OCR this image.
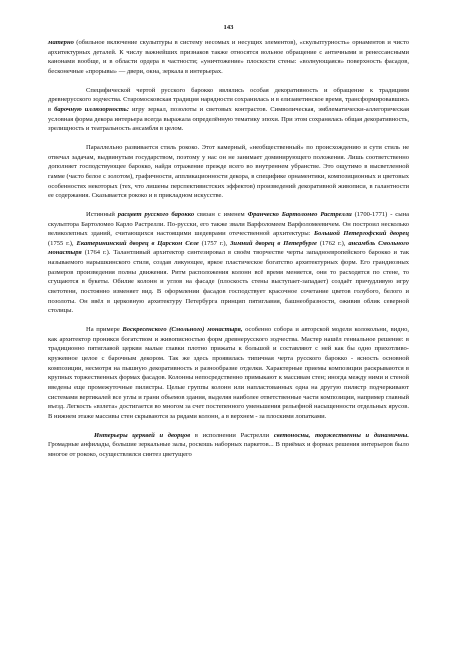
143

матерно (обильное включение скульптуры в систему несомых и несущих элементов), «скульптурность» орнаментов и чисто архитектурных деталей. К числу важнейших признаков также относятся вольное обращение с античными и ренессансными канонами вообще, и в области ордера в частности; «уничтожение» плоскости стены: «волнующаяся» поверхность фасадов, бесконечные «прорывы» — двери, окна, зеркала в интерьерах.

Специфической чертой русского барокко являлись особая декоративность и обращение к традициям древнерусского зодчества. Старомосковская традиция нарядности сохранилась и в елизаветинское время, трансформировавшись в барочную иллюзорность: игру зеркал, позолоты и световых контрастов. Символическая, эмблематически-аллегорическая условная форма декора интерьера всегда выражала определённую тематику эпохи. При этом сохранялась общая декоративность, зрелищность и театральность ансамбля в целом.

Параллельно развивается стиль рококо. Этот камерный, «необщественный» по происхождению и сути стиль не отвечал задачам, выдвинутым государством, поэтому у нас он не занимает доминирующего положения. Лишь соответственно дополняет господствующее барокко, найдя отражение прежде всего во внутреннем убранстве. Это ощутимо в высветленной гамме (часто белое с золотом), графичности, аппликационности декора, в специфике орнаментики, композиционных и цветовых особенностях некоторых (тех, что лишены перспективистских эффектов) произведений декоративной живописи, в галантности ее содержания. Сказывается рококо и в прикладном искусстве.

Истинный расцвет русского барокко связан с именем Франческо Бартоломео Растрелли (1700-1771) - сына скульптора Бартоломео Карло Растрелли. По-русски, его также звали Варфоломеем Варфоломеевичем. Он построил несколько великолепных зданий, считающихся настоящими шедеврами отечественной архитектуры: Большой Петергофский дворец (1755 г.), Екатерининский дворец в Царском Селе (1757 г.), Зимний дворец в Петербурге (1762 г.), ансамбль Смольного монастыря (1764 г.). Талантливый архитектор синтезировал в своём творчестве черты западноевропейского барокко и так называемого нарышкинского стиля, создав ликующее, яркое пластическое богатство архитектурных форм. Его грандиозных размеров произведения полны движения. Ритм расположения колонн всё время меняется, они то расходятся по стене, то сгущаются в букеты. Обилие колонн и углов на фасаде (плоскость стены выступает-западает) создаёт причудливую игру светотени, постоянно изменяет вид. В оформлении фасадов господствует красочное сочетание цветов голубого, белого и позолоты. Он ввёл в церковную архитектуру Петербурга принцип пятиглавия, башнеобразности, оживив облик северной столицы.

На примере Воскресенского (Смольного) монастыря, особенно собора и авторской модели колокольни, видно, как архитектор проникся богатством и живописностью форм древнерусского зодчества. Мастер нашёл гениальное решение: в традиционно пятиглавой церкви малые главки плотно прижаты к большой и составляют с ней как бы одно прихотливо-кружевное целое с барочным декором. Так же здесь проявилась типичная черта русского барокко - ясность основной композиции, несмотря на пышную декоративность и разнообразие отделки. Характерные приемы композиции раскрываются в крупных торжественных формах фасадов. Колонны непосредственно примыкают к массивам стен; иногда между ними и стеной введены еще промежуточные пилястры. Целые группы колонн или напластованных одна на другую пилястр подчеркивают системами вертикалей все углы и грани объемов здания, выделяя наиболее ответственные части композиции, например главный въезд. Легкость «взлета» достигается во многом за счет постепенного уменьшения рельефной насыщенности отдельных ярусов. В нижнем этаже массивы стен скрываются за рядами колонн, а в верхнем - за плоскими лопатками.

Интерьеры церквей и дворцов в исполнении Растрелли светоносны, торжественны и динамичны. Громадные анфилады, большие зеркальные залы, роскошь наборных паркетов... В приёмах и формах решения интерьеров было многое от рококо, осуществлялся синтез цветущего
